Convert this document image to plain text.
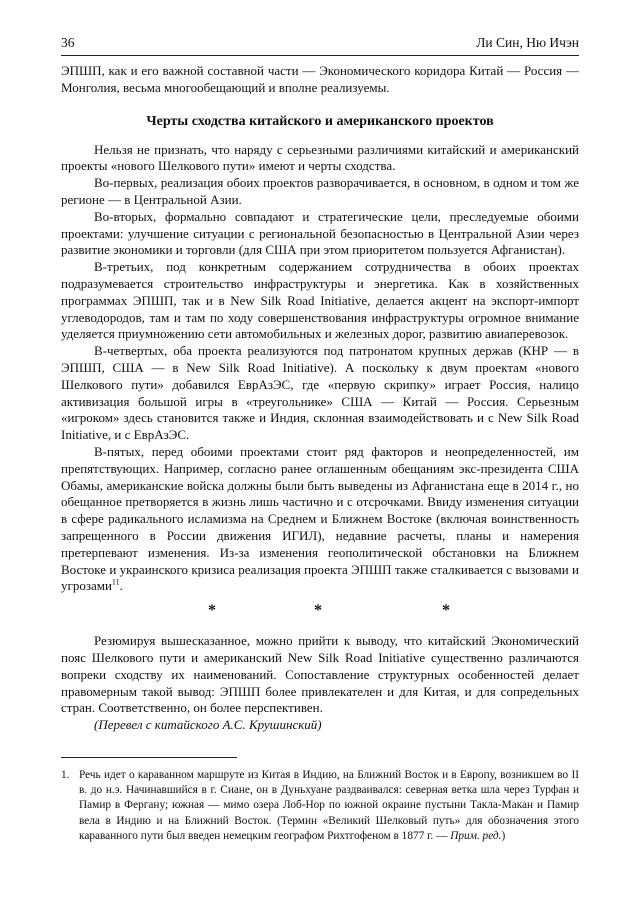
36	Ли Син, Ню Ичэн

ЭПШП, как и его важной составной части — Экономического коридора Китай — Россия — Монголия, весьма многообещающий и вполне реализуемы.

Черты сходства китайского и американского проектов

Нельзя не признать, что наряду с серьезными различиями китайский и американский проекты «нового Шелкового пути» имеют и черты сходства.

Во-первых, реализация обоих проектов разворачивается, в основном, в одном и том же регионе — в Центральной Азии.

Во-вторых, формально совпадают и стратегические цели, преследуемые обоими проектами: улучшение ситуации с региональной безопасностью в Центральной Азии через развитие экономики и торговли (для США при этом приоритетом пользуется Афганистан).

В-третьих, под конкретным содержанием сотрудничества в обоих проектах подразумевается строительство инфраструктуры и энергетика. Как в хозяйственных программах ЭПШП, так и в New Silk Road Initiative, делается акцент на экспорт-импорт углеводородов, там и там по ходу совершенствования инфраструктуры огромное внимание уделяется приумножению сети автомобильных и железных дорог, развитию авиаперевозок.

В-четвертых, оба проекта реализуются под патронатом крупных держав (КНР — в ЭПШП, США — в New Silk Road Initiative). А поскольку к двум проектам «нового Шелкового пути» добавился ЕврАзЭС, где «первую скрипку» играет Россия, налицо активизация большой игры в «треугольнике» США — Китай — Россия. Серьезным «игроком» здесь становится также и Индия, склонная взаимодействовать и с New Silk Road Initiative, и с ЕврАзЭС.

В-пятых, перед обоими проектами стоит ряд факторов и неопределенностей, им препятствующих. Например, согласно ранее оглашенным обещаниям экс-президента США Обамы, американские войска должны были быть выведены из Афганистана еще в 2014 г., но обещанное претворяется в жизнь лишь частично и с отсрочками. Ввиду изменения ситуации в сфере радикального исламизма на Среднем и Ближнем Востоке (включая воинственность запрещенного в России движения ИГИЛ), недавние расчеты, планы и намерения претерпевают изменения. Из-за изменения геополитической обстановки на Ближнем Востоке и украинского кризиса реализация проекта ЭПШП также сталкивается с вызовами и угрозами$^{11}$.

*	*	*

Резюмируя вышесказанное, можно прийти к выводу, что китайский Экономический пояс Шелкового пути и американский New Silk Road Initiative существенно различаются вопреки сходству их наименований. Сопоставление структурных особенностей делает правомерным такой вывод: ЭПШП более привлекателен и для Китая, и для сопредельных стран. Соответственно, он более перспективен.

(Перевел с китайского А.С. Крушинский)

1. Речь идет о караванном маршруте из Китая в Индию, на Ближний Восток и в Европу, возникшем во II в. до н.э. Начинавшийся в г. Сиане, он в Дуньхуане раздваивался: северная ветка шла через Турфан и Памир в Фергану; южная — мимо озера Лоб-Нор по южной окраине пустыни Такла-Макан и Памир вела в Индию и на Ближний Восток. (Термин «Великий Шелковый путь» для обозначения этого караванного пути был введен немецким географом Рихтгофеном в 1877 г. — Прим. ред.)
